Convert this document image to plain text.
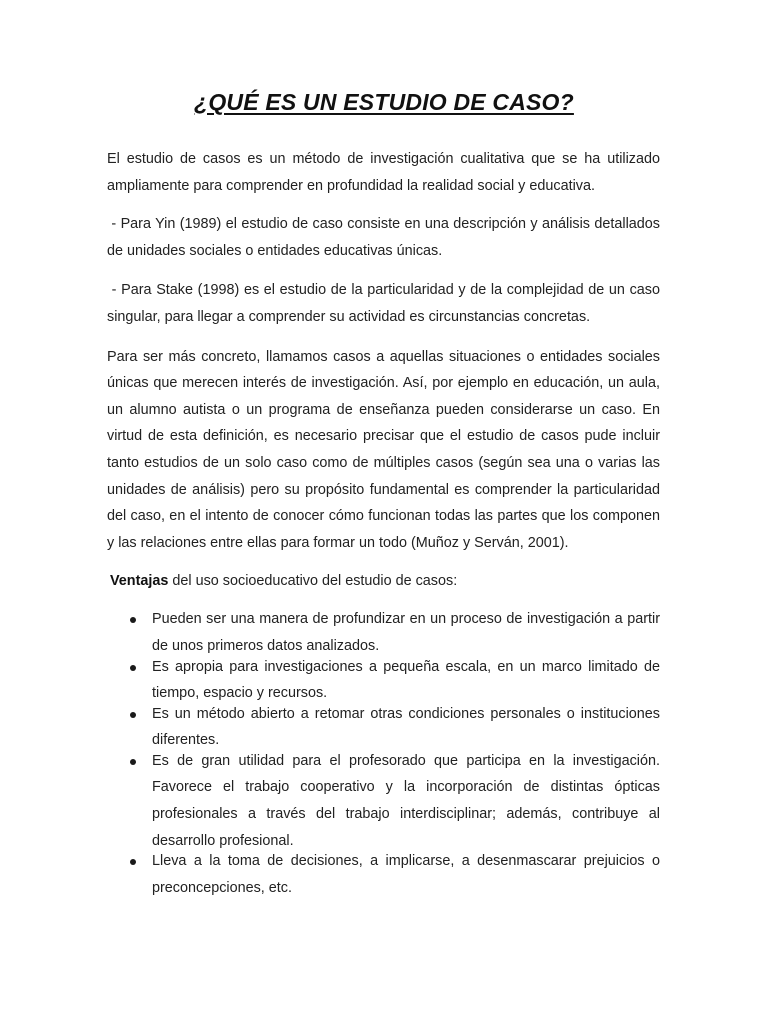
¿QUÉ ES UN ESTUDIO DE CASO?

El estudio de casos es un método de investigación cualitativa que se ha utilizado ampliamente para comprender en profundidad la realidad social y educativa.

- Para Yin (1989) el estudio de caso consiste en una descripción y análisis detallados de unidades sociales o entidades educativas únicas.

- Para Stake (1998) es el estudio de la particularidad y de la complejidad de un caso singular, para llegar a comprender su actividad es circunstancias concretas.

Para ser más concreto, llamamos casos a aquellas situaciones o entidades sociales únicas que merecen interés de investigación. Así, por ejemplo en educación, un aula, un alumno autista o un programa de enseñanza pueden considerarse un caso. En virtud de esta definición, es necesario precisar que el estudio de casos pude incluir tanto estudios de un solo caso como de múltiples casos (según sea una o varias las unidades de análisis) pero su propósito fundamental es comprender la particularidad del caso, en el intento de conocer cómo funcionan todas las partes que los componen y las relaciones entre ellas para formar un todo (Muñoz y Serván, 2001).

Ventajas del uso socioeducativo del estudio de casos:

Pueden ser una manera de profundizar en un proceso de investigación a partir de unos primeros datos analizados.
Es apropia para investigaciones a pequeña escala, en un marco limitado de tiempo, espacio y recursos.
Es un método abierto a retomar otras condiciones personales o instituciones diferentes.
Es de gran utilidad para el profesorado que participa en la investigación. Favorece el trabajo cooperativo y la incorporación de distintas ópticas profesionales a través del trabajo interdisciplinar; además, contribuye al desarrollo profesional.
Lleva a la toma de decisiones, a implicarse, a desenmascarar prejuicios o preconcepciones, etc.
